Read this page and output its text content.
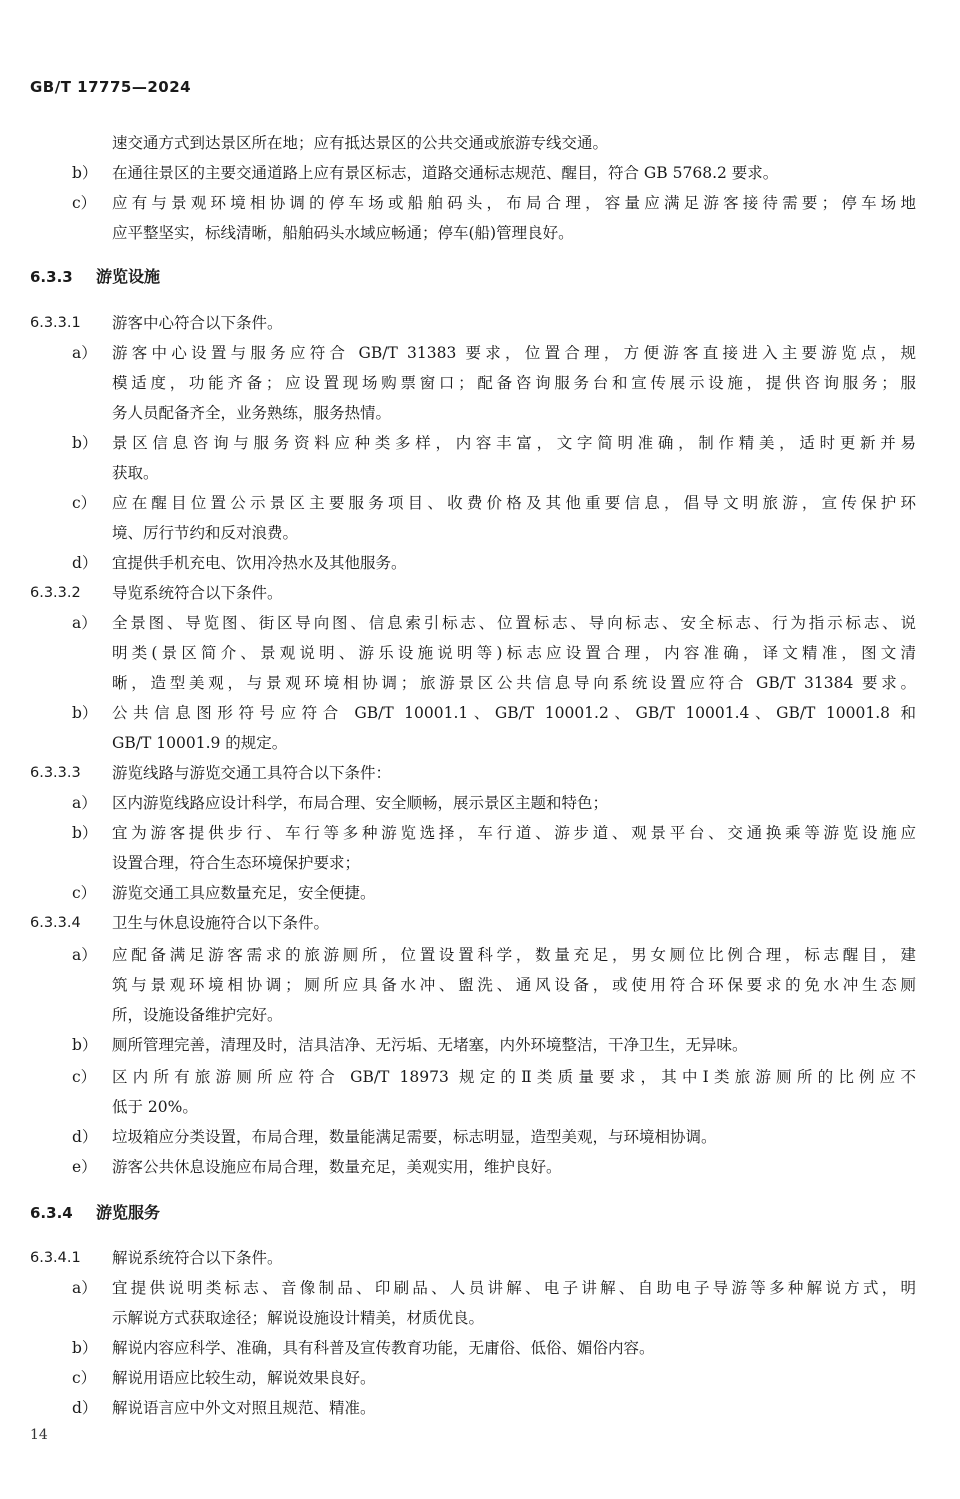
GB/T 17775—2024
速交通方式到达景区所在地；应有抵达景区的公共交通或旅游专线交通。
b） 在通往景区的主要交通道路上应有景区标志，道路交通标志规范、醒目，符合 GB 5768.2 要求。
c） 应有与景观环境相协调的停车场或船舶码头，布局合理，容量应满足游客接待需要；停车场地
应平整坚实，标线清晰，船舶码头水域应畅通；停车(船)管理良好。
6.3.3 游览设施
6.3.3.1 游客中心符合以下条件。
a） 游客中心设置与服务应符合 GB/T 31383 要求，位置合理，方便游客直接进入主要游览点，规
模适度，功能齐备；应设置现场购票窗口；配备咨询服务台和宣传展示设施，提供咨询服务；服
务人员配备齐全，业务熟练，服务热情。
b） 景区信息咨询与服务资料应种类多样，内容丰富，文字简明准确，制作精美，适时更新并易
获取。
c） 应在醒目位置公示景区主要服务项目、收费价格及其他重要信息，倡导文明旅游，宣传保护环
境、厉行节约和反对浪费。
d） 宜提供手机充电、饮用冷热水及其他服务。
6.3.3.2 导览系统符合以下条件。
a） 全景图、导览图、街区导向图、信息索引标志、位置标志、导向标志、安全标志、行为指示标志、说
明类(景区简介、景观说明、游乐设施说明等)标志应设置合理，内容准确，译文精准，图文清
晰，造型美观，与景观环境相协调；旅游景区公共信息导向系统设置应符合 GB/T 31384 要求。
b） 公共信息图形符号应符合 GB/T 10001.1、GB/T 10001.2、GB/T 10001.4、GB/T 10001.8 和
GB/T 10001.9 的规定。
6.3.3.3 游览线路与游览交通工具符合以下条件：
a） 区内游览线路应设计科学，布局合理、安全顺畅，展示景区主题和特色；
b） 宜为游客提供步行、车行等多种游览选择，车行道、游步道、观景平台、交通换乘等游览设施应
设置合理，符合生态环境保护要求；
c） 游览交通工具应数量充足，安全便捷。
6.3.3.4 卫生与休息设施符合以下条件。
a） 应配备满足游客需求的旅游厕所，位置设置科学，数量充足，男女厕位比例合理，标志醒目，建
筑与景观环境相协调；厕所应具备水冲、盥洗、通风设备，或使用符合环保要求的免水冲生态厕
所，设施设备维护完好。
b） 厕所管理完善，清理及时，洁具洁净、无污垢、无堵塞，内外环境整洁，干净卫生，无异味。
c） 区内所有旅游厕所应符合 GB/T 18973 规定的Ⅱ类质量要求，其中Ⅰ类旅游厕所的比例应不
低于 20%。
d） 垃圾箱应分类设置，布局合理，数量能满足需要，标志明显，造型美观，与环境相协调。
e） 游客公共休息设施应布局合理，数量充足，美观实用，维护良好。
6.3.4 游览服务
6.3.4.1 解说系统符合以下条件。
a） 宜提供说明类标志、音像制品、印刷品、人员讲解、电子讲解、自助电子导游等多种解说方式，明
示解说方式获取途径；解说设施设计精美，材质优良。
b） 解说内容应科学、准确，具有科普及宣传教育功能，无庸俗、低俗、媚俗内容。
c） 解说用语应比较生动，解说效果良好。
d） 解说语言应中外文对照且规范、精准。
14
